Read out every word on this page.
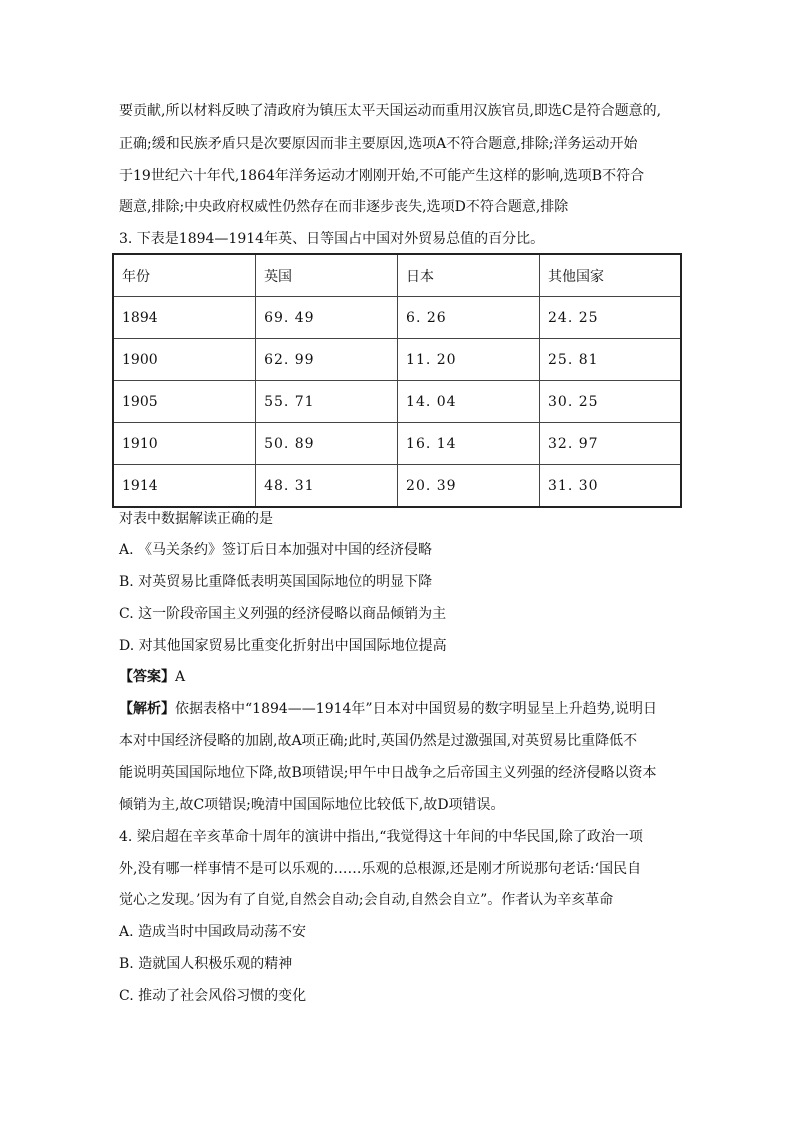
要贡献,所以材料反映了清政府为镇压太平天国运动而重用汉族官员,即选C是符合题意的,
正确;缓和民族矛盾只是次要原因而非主要原因,选项A不符合题意,排除;洋务运动开始
于19世纪六十年代,1864年洋务运动才刚刚开始,不可能产生这样的影响,选项B不符合
题意,排除;中央政府权威性仍然存在而非逐步丧失,选项D不符合题意,排除
3. 下表是1894—1914年英、日等国占中国对外贸易总值的百分比。
年份	英国	日本	其他国家
1894	69. 49	6. 26	24. 25
1900	62. 99	11. 20	25. 81
1905	55. 71	14. 04	30. 25
1910	50. 89	16. 14	32. 97
1914	48. 31	20. 39	31. 30
对表中数据解读正确的是
A. 《马关条约》签订后日本加强对中国的经济侵略
B. 对英贸易比重降低表明英国国际地位的明显下降
C. 这一阶段帝国主义列强的经济侵略以商品倾销为主
D. 对其他国家贸易比重变化折射出中国国际地位提高
【答案】A
【解析】依据表格中“1894——1914年”日本对中国贸易的数字明显呈上升趋势,说明日
本对中国经济侵略的加剧,故A项正确;此时,英国仍然是过激强国,对英贸易比重降低不
能说明英国国际地位下降,故B项错误;甲午中日战争之后帝国主义列强的经济侵略以资本
倾销为主,故C项错误;晚清中国国际地位比较低下,故D项错误。
4. 梁启超在辛亥革命十周年的演讲中指出,“我觉得这十年间的中华民国,除了政治一项
外,没有哪一样事情不是可以乐观的……乐观的总根源,还是刚才所说那句老话:‘国民自
觉心之发现。’因为有了自觉,自然会自动;会自动,自然会自立”。作者认为辛亥革命
A. 造成当时中国政局动荡不安
B. 造就国人积极乐观的精神
C. 推动了社会风俗习惯的变化
